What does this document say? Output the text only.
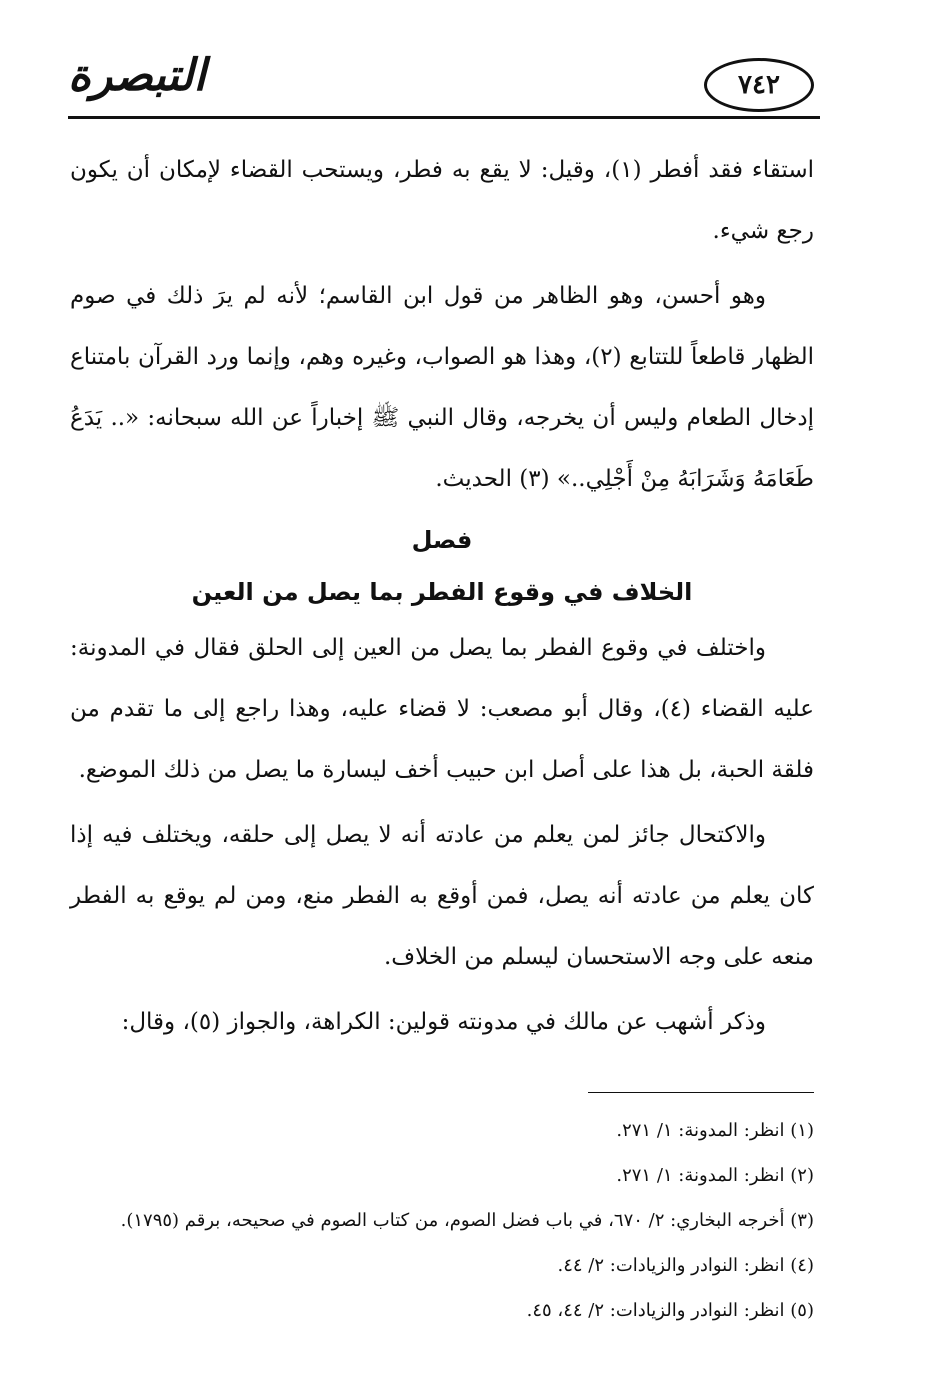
التبصرة	٧٤٢

استقاء فقد أفطر (١)، وقيل: لا يقع به فطر، ويستحب القضاء لإمكان أن يكون رجع شيء.

وهو أحسن، وهو الظاهر من قول ابن القاسم؛ لأنه لم يرَ ذلك في صوم الظهار قاطعاً للتتابع (٢)، وهذا هو الصواب، وغيره وهم، وإنما ورد القرآن بامتناع إدخال الطعام وليس أن يخرجه، وقال النبي ﷺ إخباراً عن الله سبحانه: «.. يَدَعُ طَعَامَهُ وَشَرَابَهُ مِنْ أَجْلِي..» (٣) الحديث.

فصل
الخلاف في وقوع الفطر بما يصل من العين

واختلف في وقوع الفطر بما يصل من العين إلى الحلق فقال في المدونة: عليه القضاء (٤)، وقال أبو مصعب: لا قضاء عليه، وهذا راجع إلى ما تقدم من فلقة الحبة، بل هذا على أصل ابن حبيب أخف ليسارة ما يصل من ذلك الموضع.

والاكتحال جائز لمن يعلم من عادته أنه لا يصل إلى حلقه، ويختلف فيه إذا كان يعلم من عادته أنه يصل، فمن أوقع به الفطر منع، ومن لم يوقع به الفطر منعه على وجه الاستحسان ليسلم من الخلاف.

وذكر أشهب عن مالك في مدونته قولين: الكراهة، والجواز (٥)، وقال:

(١) انظر: المدونة: ١/ ٢٧١.
(٢) انظر: المدونة: ١/ ٢٧١.
(٣) أخرجه البخاري: ٢/ ٦٧٠، في باب فضل الصوم، من كتاب الصوم في صحيحه، برقم (١٧٩٥).
(٤) انظر: النوادر والزيادات: ٢/ ٤٤.
(٥) انظر: النوادر والزيادات: ٢/ ٤٤، ٤٥.
